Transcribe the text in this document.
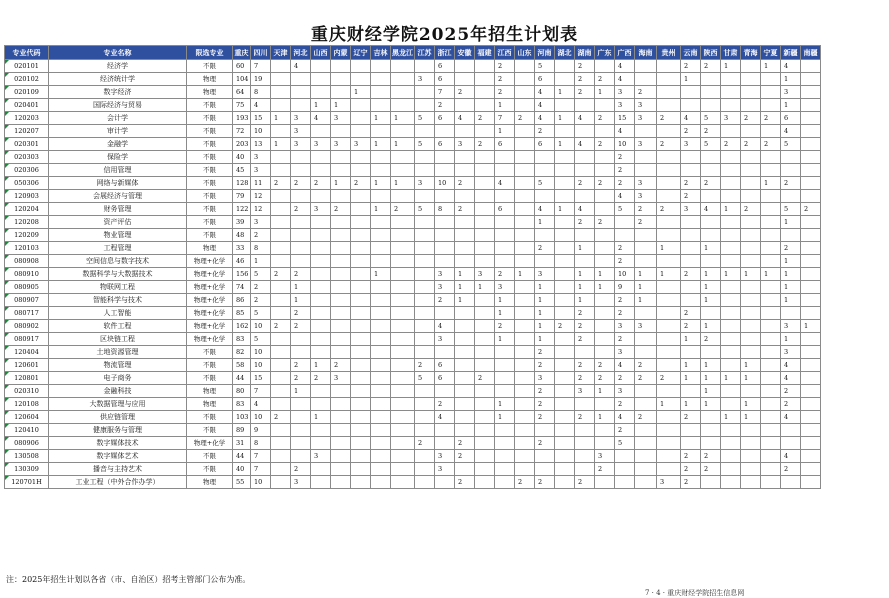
重庆财经学院2025年招生计划表
专业代码	专业名称	限选专业	重庆	四川	天津	河北	山西	内蒙	辽宁	吉林	黑龙江	江苏	浙江	安徽	福建	江西	山东	河南	湖北	湖南	广东	广西	海南	贵州	云南	陕西	甘肃	青海	宁夏	新疆	南疆
020101	经济学	不限	60	7		4							6			2		5		2		4			2	2	1		1	4	
020102	经济统计学	物理	104	19								3	6			2		6		2	2	4			1					1	
020109	数字经济	物理	64	8					1				7	2		2		4	1	2	1	3	2							3	
020401	国际经济与贸易	不限	75	4			1	1					2			1		4				3	3							1	
120203	会计学	不限	193	15	1	3	4	3		1	1	5	6	4	2	7	2	4	1	4	2	15	3	2	4	5	3	2	2	6	
120207	审计学	不限	72	10		3										1		2				4			2	2				4	
020301	金融学	不限	203	13	1	3	3	3	3	1	1	5	6	3	2	6		6	1	4	2	10	3	2	3	5	2	2	2	5	
020303	保险学	不限	40	3																		2									
020306	信用管理	不限	45	3																		2									
050306	网络与新媒体	不限	128	11	2	2	2	1	2	1	1	3	10	2		4		5		2	2	2	3		2	2			1	2	
120903	会展经济与管理	不限	79	12																		4	3		2						
120204	财务管理	不限	122	12		2	3	2		1	2	5	8	2		6		4	1	4		5	2	2	3	4	1	2		5	2
120208	资产评估	不限	39	3														1		2	2		2							1	
120209	物业管理	不限	48	2																											
120103	工程管理	物理	33	8														2		1		2		1		1				2	
080908	空间信息与数字技术	物理+化学	46	1																		2								1	
080910	数据科学与大数据技术	物理+化学	156	5	2	2				1			3	1	3	2	1	3		1	1	10	1	1	2	1	1	1	1	1	
080905	物联网工程	物理+化学	74	2		1							3	1	1	3		1		1	1	9	1			1				1	
080907	智能科学与技术	物理+化学	86	2		1							2	1		1		1		1		2	1			1				1	
080717	人工智能	物理+化学	85	5		2										1		1		2		2			2						
080902	软件工程	物理+化学	162	10	2	2							4			2		1	2	2		3	3		2	1				3	1
080917	区块链工程	物理+化学	83	5									3			1		1		2		2			1	2				1	
120404	土地资源管理	不限	82	10														2				3								3	
120601	物流管理	不限	58	10		2	1	2				2	6					2		2	2	4	2		1	1		1		4	
120801	电子商务	不限	44	15		2	2	3				5	6		2			3		2	2	2	2	2	1	1	1	1		4	
020310	金融科技	物理	80	7		1												2		3	1	3				1				2	
120108	大数据管理与应用	物理	83	4									2			1		2				2		1	1	1		1		2	
120604	供应链管理	不限	103	10	2		1						4			1		2		2	1	4	2		2		1	1		4	
120410	健康服务与管理	不限	89	9																		2									
080906	数字媒体技术	物理+化学	31	8								2		2				2				5									
130508	数字媒体艺术	不限	44	7			3						3	2							3				2	2				4	
130309	播音与主持艺术	不限	40	7		2							3								2				2	2				2	
120701H	工业工程（中外合作办学）	物理	55	10		3								2			2	2		2				3	2						
注：2025年招生计划以各省（市、自治区）招考主管部门公布为准。
7 · 4 · 重庆财经学院招生信息网
